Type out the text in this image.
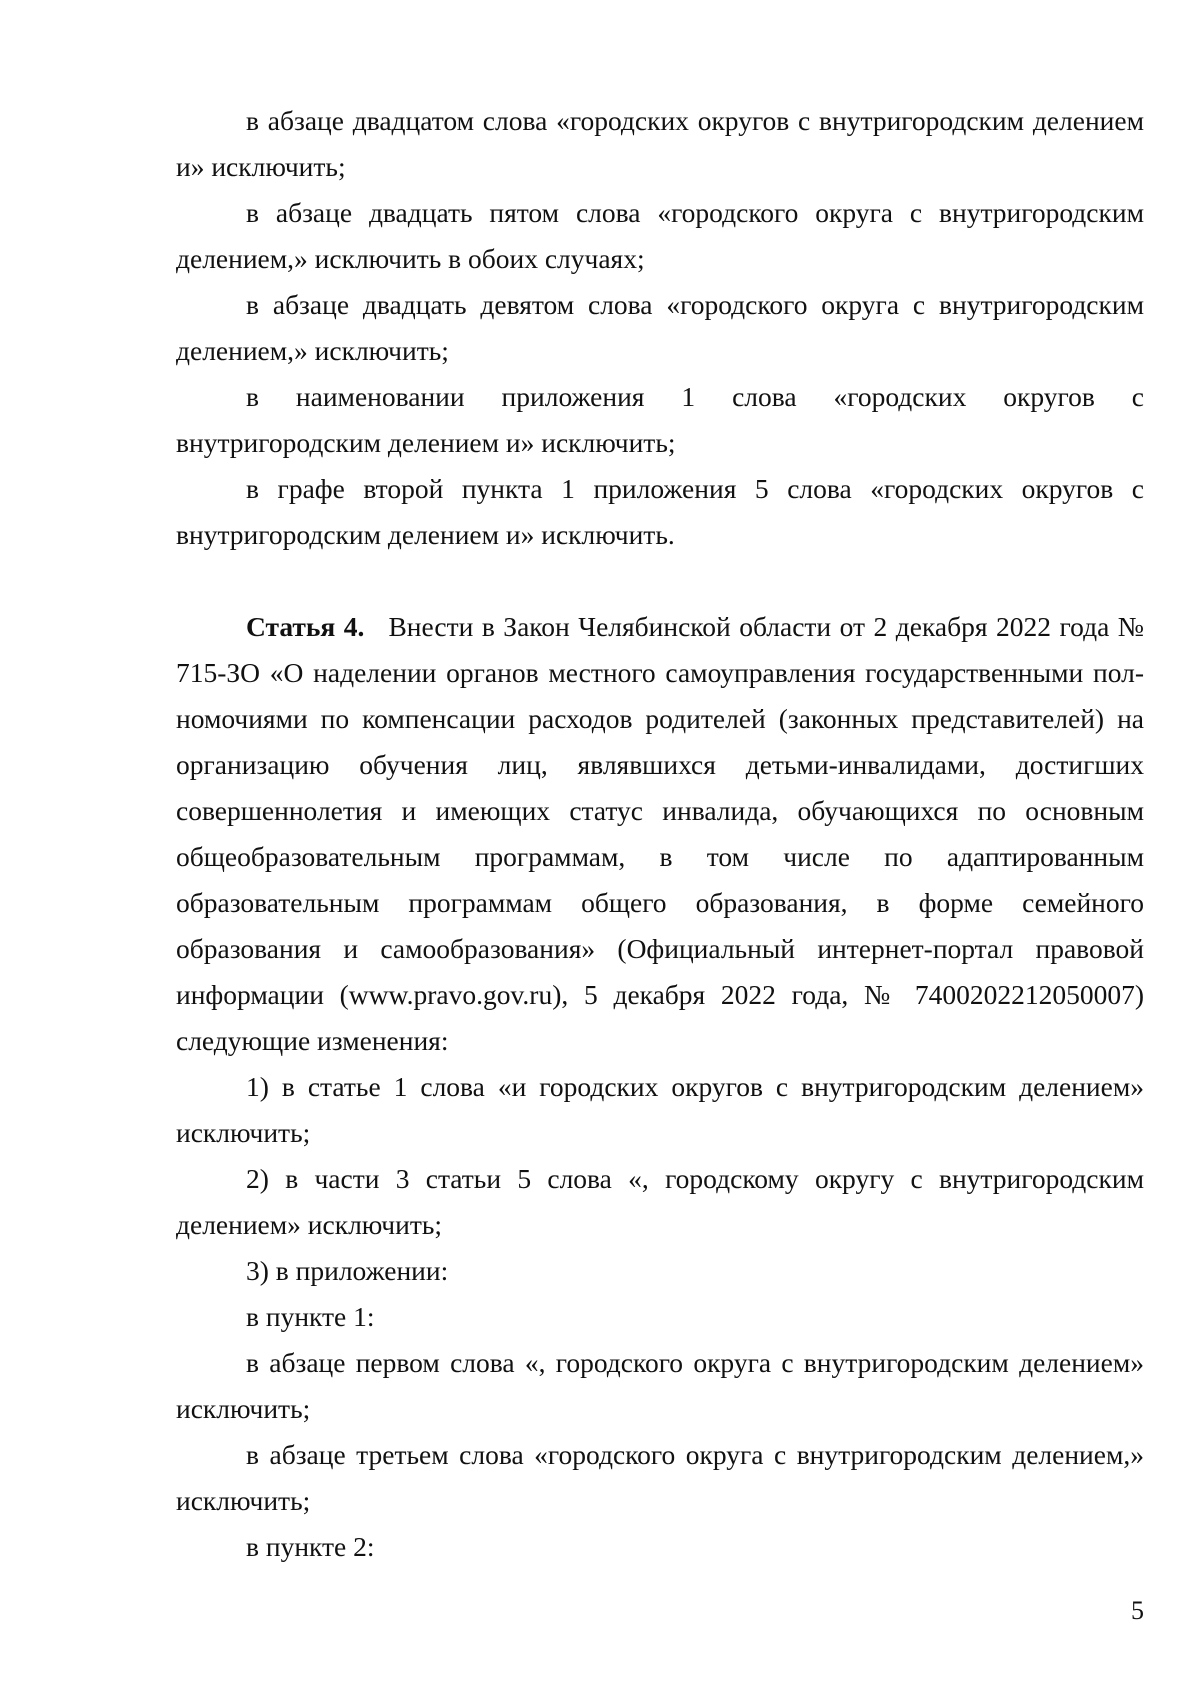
в абзаце двадцатом слова «городских округов с внутригородским делением и» исключить;

в абзаце двадцать пятом слова «городского округа с внутригородским делением,» исключить в обоих случаях;

в абзаце двадцать девятом слова «городского округа с внутригородским делением,» исключить;

в наименовании приложения 1 слова «городских округов с внутригородским делением и» исключить;

в графе второй пункта 1 приложения 5 слова «городских округов с внутригородским делением и» исключить.

Статья 4. Внести в Закон Челябинской области от 2 декабря 2022 года № 715-ЗО «О наделении органов местного самоуправления государственными полномочиями по компенсации расходов родителей (законных представителей) на организацию обучения лиц, являвшихся детьми-инвалидами, достигших совершеннолетия и имеющих статус инвалида, обучающихся по основным общеобразовательным программам, в том числе по адаптированным образовательным программам общего образования, в форме семейного образования и самообразования» (Официальный интернет-портал правовой информации (www.pravo.gov.ru), 5 декабря 2022 года, № 7400202212050007) следующие изменения:

1) в статье 1 слова «и городских округов с внутригородским делением» исключить;

2) в части 3 статьи 5 слова «, городскому округу с внутригородским делением» исключить;

3) в приложении:

в пункте 1:

в абзаце первом слова «, городского округа с внутригородским делением» исключить;

в абзаце третьем слова «городского округа с внутригородским делением,» исключить;

в пункте 2:

5
